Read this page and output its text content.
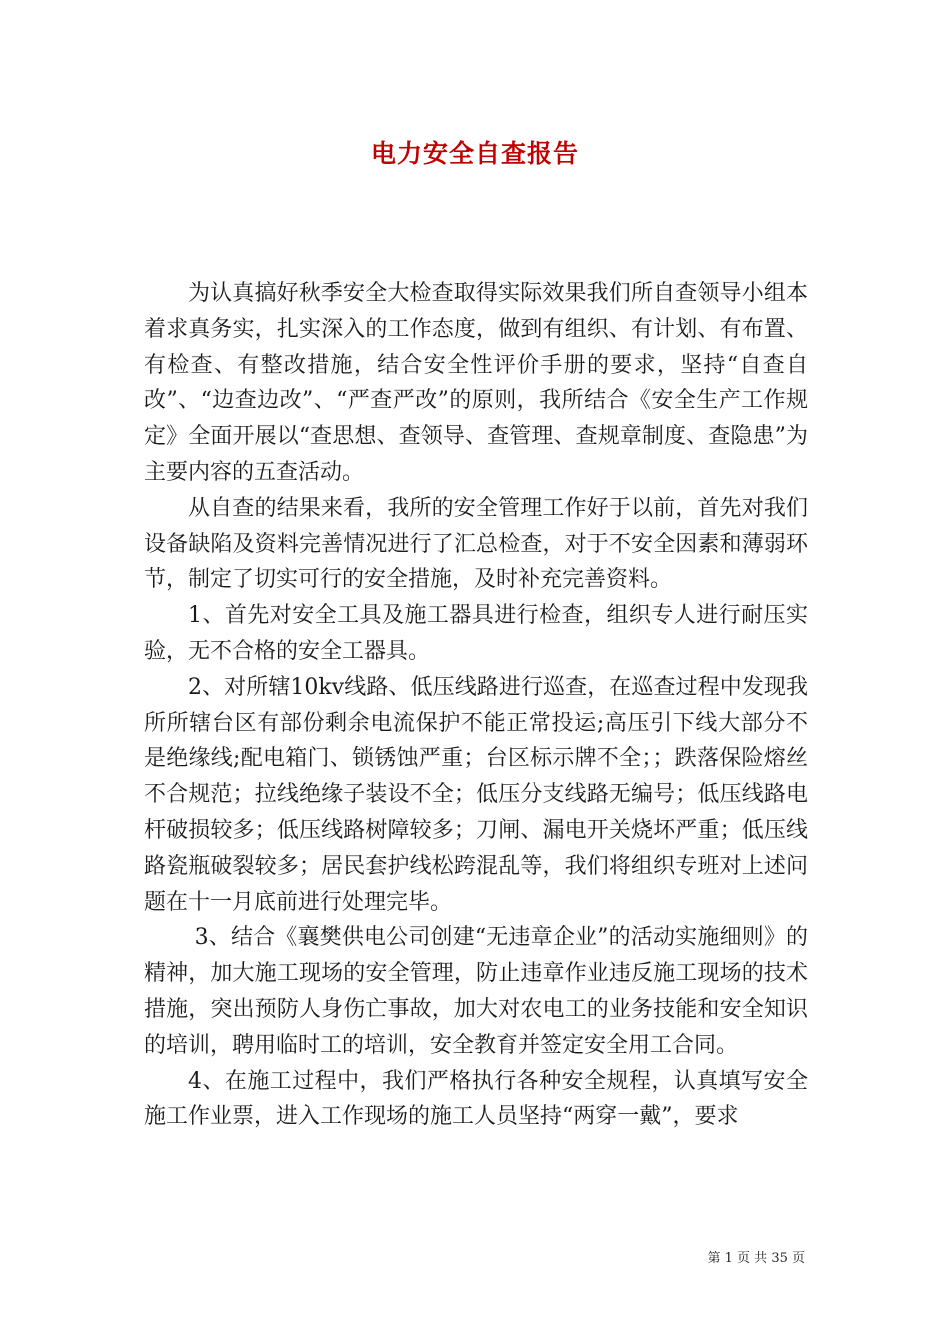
电力安全自查报告

为认真搞好秋季安全大检查取得实际效果我们所自查领导小组本着求真务实，扎实深入的工作态度，做到有组织、有计划、有布置、有检查、有整改措施，结合安全性评价手册的要求，坚持“自查自改”、“边查边改”、“严查严改”的原则，我所结合《安全生产工作规定》全面开展以“查思想、查领导、查管理、查规章制度、查隐患”为主要内容的五查活动。

从自查的结果来看，我所的安全管理工作好于以前，首先对我们设备缺陷及资料完善情况进行了汇总检查，对于不安全因素和薄弱环节，制定了切实可行的安全措施，及时补充完善资料。

1、首先对安全工具及施工器具进行检查，组织专人进行耐压实验，无不合格的安全工器具。

2、对所辖10kv线路、低压线路进行巡查，在巡查过程中发现我所所辖台区有部份剩余电流保护不能正常投运;高压引下线大部分不是绝缘线;配电箱门、锁锈蚀严重；台区标示牌不全；；跌落保险熔丝不合规范；拉线绝缘子装设不全；低压分支线路无编号；低压线路电杆破损较多；低压线路树障较多；刀闸、漏电开关烧坏严重；低压线路瓷瓶破裂较多；居民套护线松跨混乱等，我们将组织专班对上述问题在十一月底前进行处理完毕。

3、结合《襄樊供电公司创建“无违章企业”的活动实施细则》的精神，加大施工现场的安全管理，防止违章作业违反施工现场的技术措施，突出预防人身伤亡事故，加大对农电工的业务技能和安全知识的培训，聘用临时工的培训，安全教育并签定安全用工合同。

4、在施工过程中，我们严格执行各种安全规程，认真填写安全施工作业票，进入工作现场的施工人员坚持“两穿一戴”，要求

第 1 页 共 35 页
